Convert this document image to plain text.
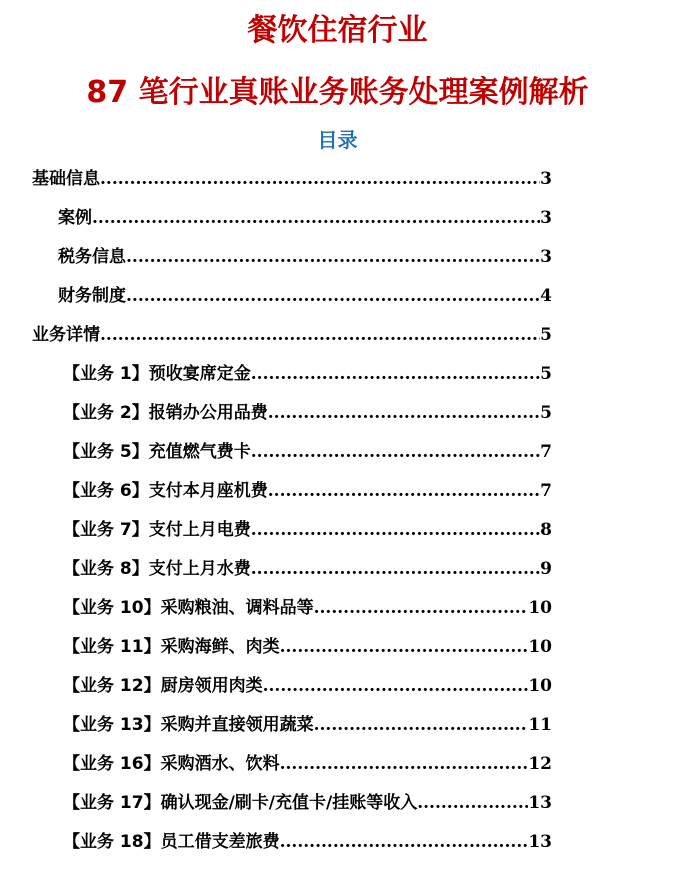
餐饮住宿行业
87 笔行业真账业务账务处理案例解析
目录
基础信息 .....	3
案例 .....	3
税务信息 .....	3
财务制度 .....	4
业务详情 .....	5
【业务 1】预收宴席定金 .....	5
【业务 2】报销办公用品费 .....	5
【业务 5】充值燃气费卡 .....	7
【业务 6】支付本月座机费 .....	7
【业务 7】支付上月电费 .....	8
【业务 8】支付上月水费 .....	9
【业务 10】采购粮油、调料品等 .....	10
【业务 11】采购海鲜、肉类 .....	10
【业务 12】厨房领用肉类 .....	10
【业务 13】采购并直接领用蔬菜 .....	11
【业务 16】采购酒水、饮料 .....	12
【业务 17】确认现金/刷卡/充值卡/挂账等收入 .....	13
【业务 18】员工借支差旅费 .....	13
